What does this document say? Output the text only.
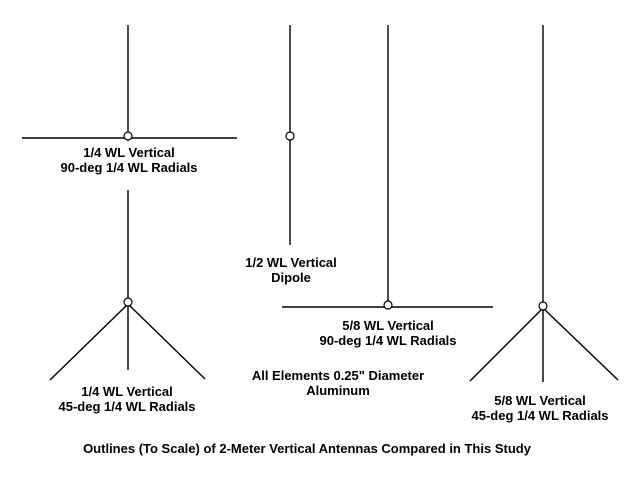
1/4 WL Vertical
90-deg 1/4 WL Radials
1/2 WL Vertical
Dipole
5/8 WL Vertical
90-deg 1/4 WL Radials
All Elements 0.25" Diameter
Aluminum
1/4 WL Vertical
45-deg 1/4 WL Radials	5/8 WL Vertical
45-deg 1/4 WL Radials
Outlines (To Scale) of 2-Meter Vertical Antennas Compared in This Study
